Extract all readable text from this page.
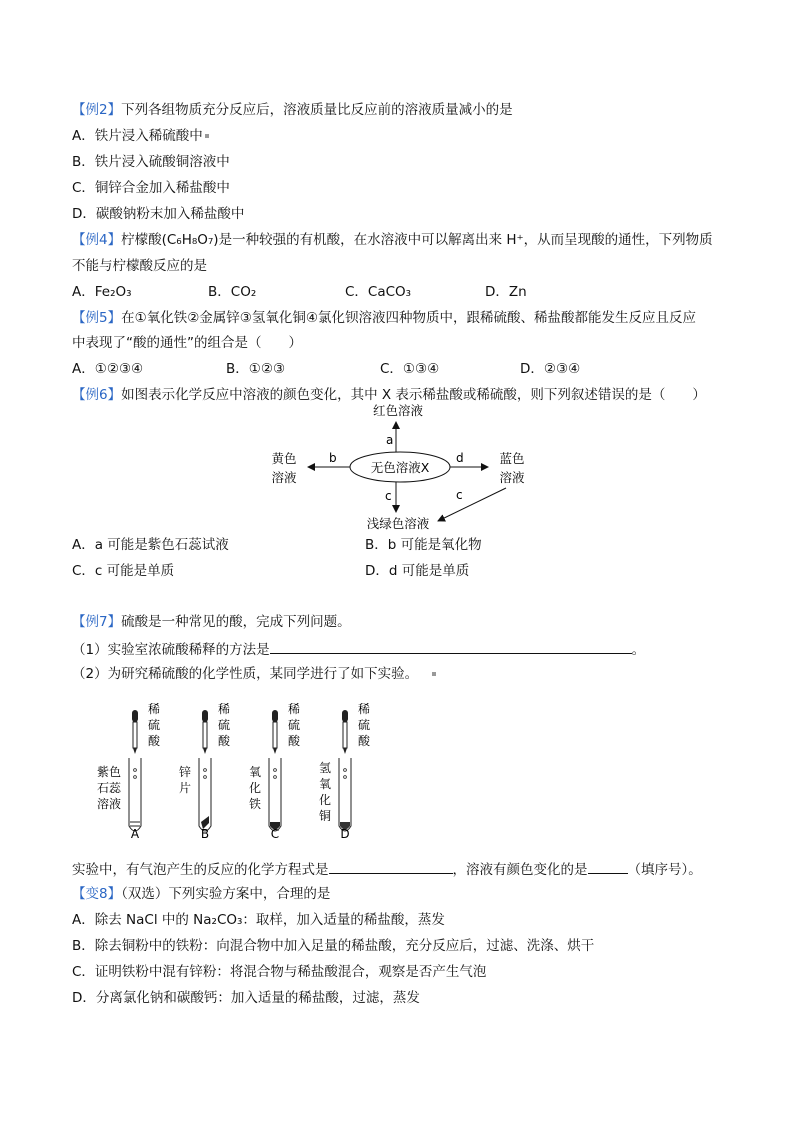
【例2】下列各组物质充分反应后，溶液质量比反应前的溶液质量减小的是
A．铁片浸入稀硫酸中
B．铁片浸入硫酸铜溶液中
C．铜锌合金加入稀盐酸中
D．碳酸钠粉末加入稀盐酸中
【例4】柠檬酸(C₆H₈O₇)是一种较强的有机酸，在水溶液中可以解离出来 H⁺，从而呈现酸的通性，下列物质
不能与柠檬酸反应的是
A．Fe₂O₃	B．CO₂	C．CaCO₃	D．Zn
【例5】在①氧化铁②金属锌③氢氧化铜④氯化钡溶液四种物质中，跟稀硫酸、稀盐酸都能发生反应且反应
中表现了“酸的通性”的组合是（　　）
A．①②③④	B．①②③	C．①③④	D．②③④
【例6】如图表示化学反应中溶液的颜色变化，其中 X 表示稀盐酸或稀硫酸，则下列叙述错误的是（　　）
无色溶液X
红色溶液
a
b
黄色
溶液
d	蓝色
溶液
c	c
浅绿色溶液
A．a 可能是紫色石蕊试液	B．b 可能是氧化物
C．c 可能是单质	D．d 可能是单质
【例7】硫酸是一种常见的酸，完成下列问题。
（1）实验室浓硫酸稀释的方法是	。
（2）为研究稀硫酸的化学性质，某同学进行了如下实验。
稀
硫
酸
紫色
石蕊
溶液
A
稀
硫
酸
锌
片
B
稀
硫
酸
氧
化
铁
C
稀
硫
酸
氢
氧
化
铜
D
实验中，有气泡产生的反应的化学方程式是	，溶液有颜色变化的是	（填序号）。
【变8】（双选）下列实验方案中，合理的是
A．除去 NaCl 中的 Na₂CO₃：取样，加入适量的稀盐酸，蒸发
B．除去铜粉中的铁粉：向混合物中加入足量的稀盐酸，充分反应后，过滤、洗涤、烘干
C．证明铁粉中混有锌粉：将混合物与稀盐酸混合，观察是否产生气泡
D．分离氯化钠和碳酸钙：加入适量的稀盐酸，过滤，蒸发
